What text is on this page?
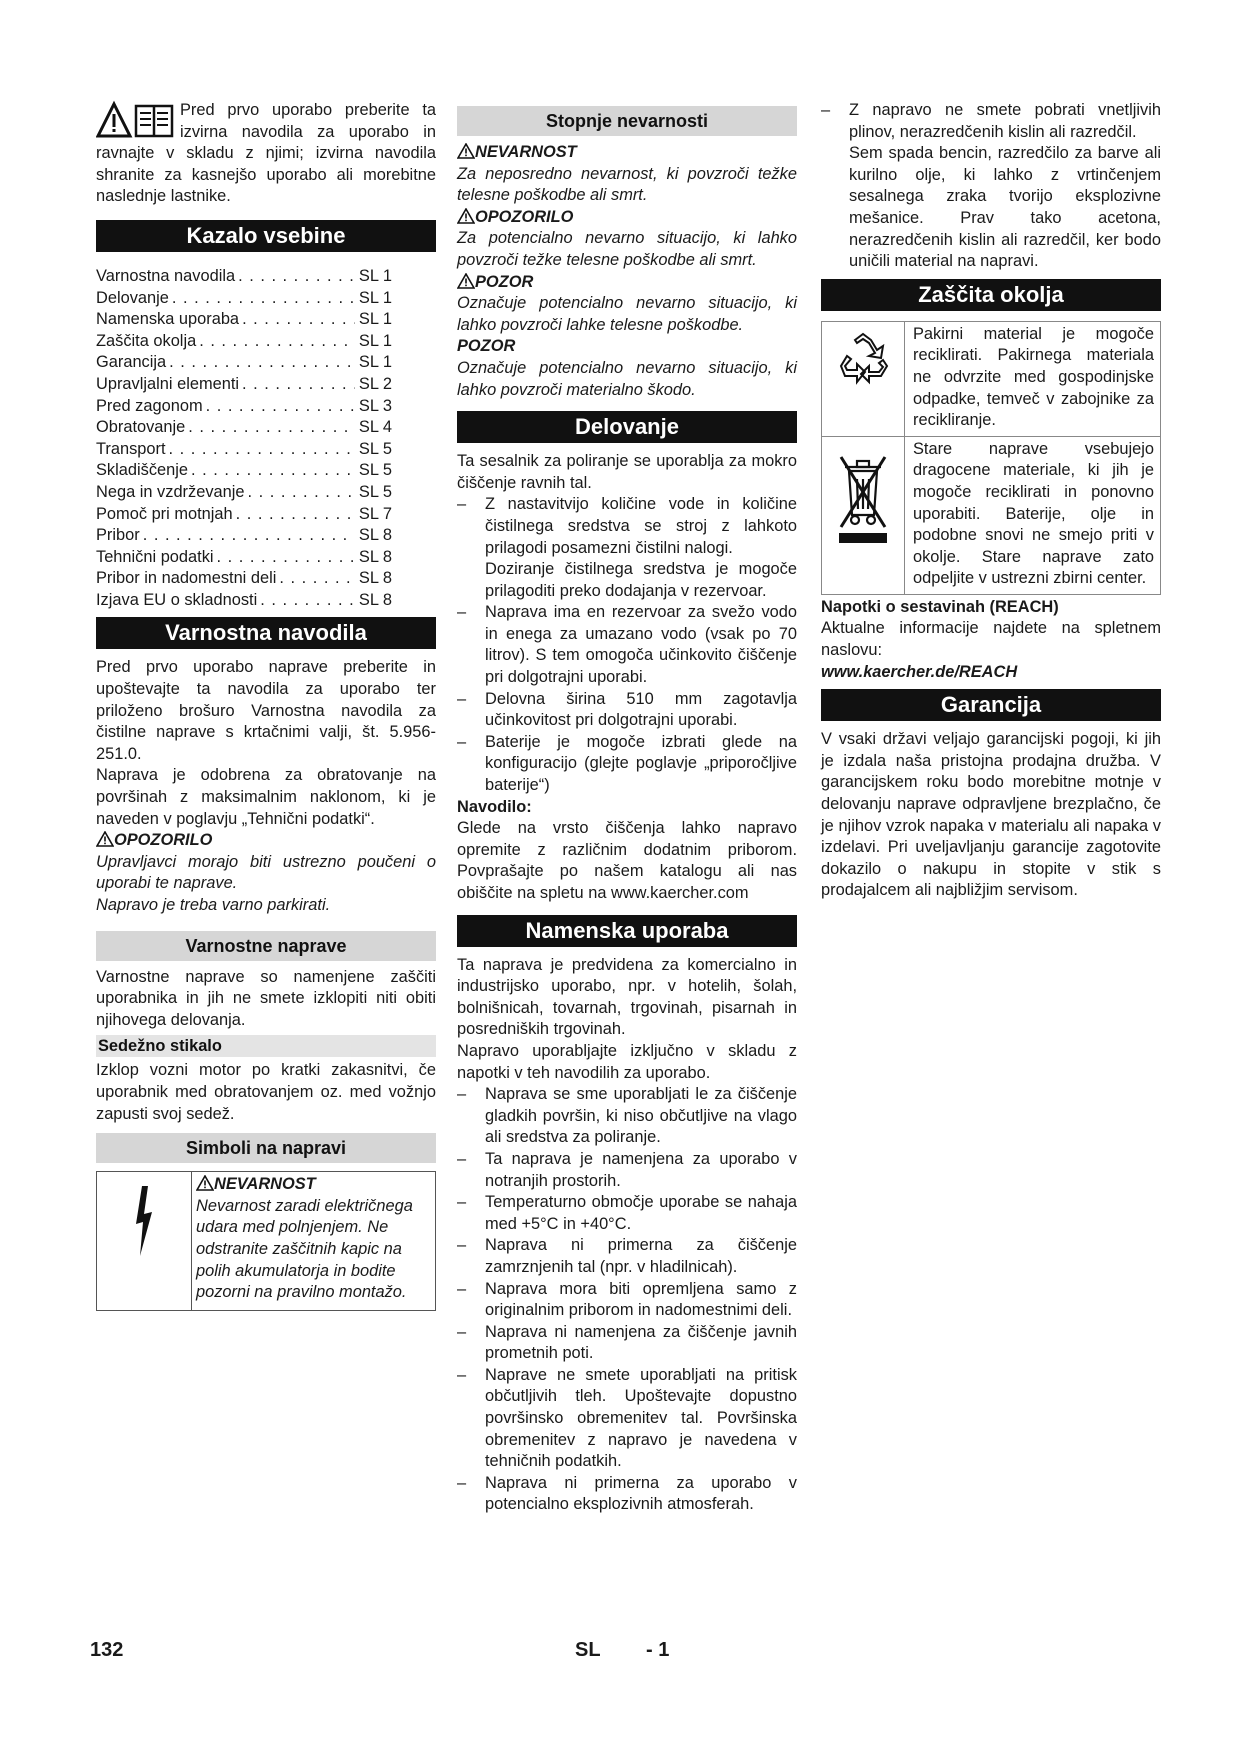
Pred prvo uporabo preberite ta izvirna navodila za uporabo in ravnajte v skladu z njimi; izvirna navodila shranite za kasnejšo uporabo ali morebitne naslednje lastnike.

Kazalo vsebine
Varnostna navodila . . .	SL 1
Delovanje . . .	SL 1
Namenska uporaba . . .	SL 1
Zaščita okolja . . .	SL 1
Garancija . . .	SL 1
Upravljalni elementi . . .	SL 2
Pred zagonom . . .	SL 3
Obratovanje . . .	SL 4
Transport . . .	SL 5
Skladiščenje . . .	SL 5
Nega in vzdrževanje . . .	SL 5
Pomoč pri motnjah . . .	SL 7
Pribor . . .	SL 8
Tehnični podatki . . .	SL 8
Pribor in nadomestni deli . . .	SL 8
Izjava EU o skladnosti . . .	SL 8
Varnostna navodila

Pred prvo uporabo naprave preberite in upoštevajte ta navodila za uporabo ter priloženo brošuro Varnostna navodila za čistilne naprave s krtačnimi valji, št. 5.956-251.0.

Naprava je odobrena za obratovanje na površinah z maksimalnim naklonom, ki je naveden v poglavju „Tehnični podatki“.

OPOZORILO

Upravljavci morajo biti ustrezno poučeni o uporabi te naprave.

Napravo je treba varno parkirati.

Varnostne naprave

Varnostne naprave so namenjene zaščiti uporabnika in jih ne smete izklopiti niti obiti njihovega delovanja.

Sedežno stikalo

Izklop vozni motor po kratki zakasnitvi, če uporabnik med obratovanjem oz. med vožnjo zapusti svoj sedež.

Simboli na napravi

NEVARNOST

Nevarnost zaradi električnega udara med polnjenjem. Ne odstranite zaščitnih kapic na polih akumulatorja in bodite pozorni na pravilno montažo.

Stopnje nevarnosti

NEVARNOST

Za neposredno nevarnost, ki povzroči težke telesne poškodbe ali smrt.

OPOZORILO

Za potencialno nevarno situacijo, ki lahko povzroči težke telesne poškodbe ali smrt.

POZOR

Označuje potencialno nevarno situacijo, ki lahko povzroči lahke telesne poškodbe.

POZOR

Označuje potencialno nevarno situacijo, ki lahko povzroči materialno škodo.

Delovanje

Ta sesalnik za poliranje se uporablja za mokro čiščenje ravnih tal.

–	Z nastavitvijo količine vode in količine čistilnega sredstva se stroj z lahkoto prilagodi posamezni čistilni nalogi.

Doziranje čistilnega sredstva je mogoče prilagoditi preko dodajanja v rezervoar.

–	Naprava ima en rezervoar za svežo vodo in enega za umazano vodo (vsak po 70 litrov). S tem omogoča učinkovito čiščenje pri dolgotrajni uporabi.
–	Delovna širina 510 mm zagotavlja učinkovitost pri dolgotrajni uporabi.
–	Baterije je mogoče izbrati glede na konfiguracijo (glejte poglavje „priporočljive baterije“)

Navodilo:

Glede na vrsto čiščenja lahko napravo opremite z različnim dodatnim priborom. Povprašajte po našem katalogu ali nas obiščite na spletu na www.kaercher.com

Namenska uporaba

Ta naprava je predvidena za komercialno in industrijsko uporabo, npr. v hotelih, šolah, bolnišnicah, tovarnah, trgovinah, pisarnah in posredniških trgovinah.

Napravo uporabljajte izključno v skladu z napotki v teh navodilih za uporabo.

–	Naprava se sme uporabljati le za čiščenje gladkih površin, ki niso občutljive na vlago ali sredstva za poliranje.
–	Ta naprava je namenjena za uporabo v notranjih prostorih.
–	Temperaturno območje uporabe se nahaja med +5°C in +40°C.
–	Naprava ni primerna za čiščenje zamrznjenih tal (npr. v hladilnicah).
–	Naprava mora biti opremljena samo z originalnim priborom in nadomestnimi deli.
–	Naprava ni namenjena za čiščenje javnih prometnih poti.
–	Naprave ne smete uporabljati na pritisk občutljivih tleh. Upoštevajte dopustno površinsko obremenitev tal. Površinska obremenitev z napravo je navedena v tehničnih podatkih.
–	Naprava ni primerna za uporabo v potencialno eksplozivnih atmosferah.
–	Z napravo ne smete pobrati vnetljivih plinov, nerazredčenih kislin ali razredčil.

Sem spada bencin, razredčilo za barve ali kurilno olje, ki lahko z vrtinčenjem sesalnega zraka tvorijo eksplozivne mešanice. Prav tako acetona, nerazredčenih kislin ali razredčil, ker bodo uničili material na napravi.

Zaščita okolja

Pakirni material je mogoče reciklirati. Pakirnega materiala ne odvrzite med gospodinjske odpadke, temveč v zabojnike za recikliranje.

Stare naprave vsebujejo dragocene materiale, ki jih je mogoče reciklirati in ponovno uporabiti. Baterije, olje in podobne snovi ne smejo priti v okolje. Stare naprave zato odpeljite v ustrezni zbirni center.

Napotki o sestavinah (REACH)

Aktualne informacije najdete na spletnem naslovu:

www.kaercher.de/REACH

Garancija

V vsaki državi veljajo garancijski pogoji, ki jih je izdala naša pristojna prodajna družba. V garancijskem roku bodo morebitne motnje v delovanju naprave odpravljene brezplačno, če je njihov vzrok napaka v materialu ali napaka v izdelavi. Pri uveljavljanju garancije zagotovite dokazilo o nakupu in stopite v stik s prodajalcem ali najbližjim servisom.

132	SL - 1
